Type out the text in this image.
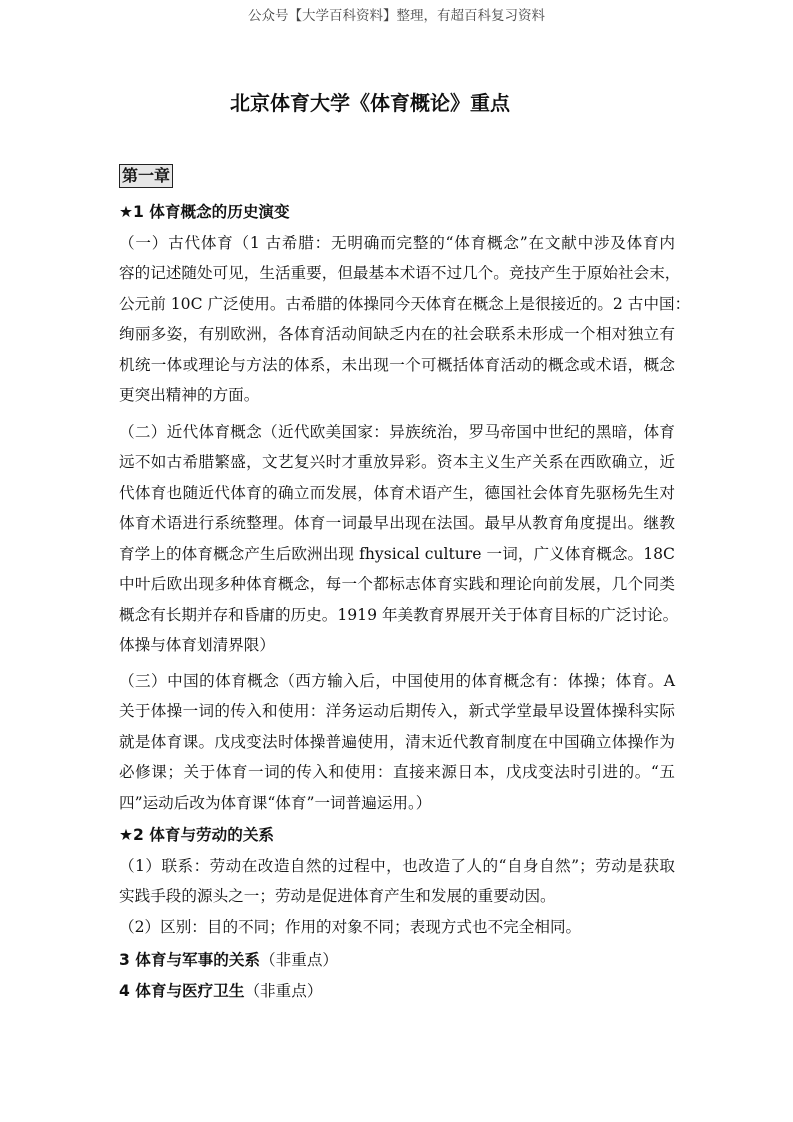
公众号【大学百科资料】整理，有超百科复习资料
北京体育大学《体育概论》重点
第一章
★1 体育概念的历史演变
（一）古代体育（1 古希腊：无明确而完整的“体育概念”在文献中涉及体育内
容的记述随处可见，生活重要，但最基本术语不过几个。竞技产生于原始社会末，
公元前 10C 广泛使用。古希腊的体操同今天体育在概念上是很接近的。2 古中国：
绚丽多姿，有别欧洲，各体育活动间缺乏内在的社会联系未形成一个相对独立有
机统一体或理论与方法的体系，未出现一个可概括体育活动的概念或术语，概念
更突出精神的方面。
（二）近代体育概念（近代欧美国家：异族统治，罗马帝国中世纪的黑暗，体育
远不如古希腊繁盛，文艺复兴时才重放异彩。资本主义生产关系在西欧确立，近
代体育也随近代体育的确立而发展，体育术语产生，德国社会体育先驱杨先生对
体育术语进行系统整理。体育一词最早出现在法国。最早从教育角度提出。继教
育学上的体育概念产生后欧洲出现 fhysical culture 一词，广义体育概念。18C
中叶后欧出现多种体育概念，每一个都标志体育实践和理论向前发展，几个同类
概念有长期并存和昏庸的历史。1919 年美教育界展开关于体育目标的广泛讨论。
体操与体育划清界限）
（三）中国的体育概念（西方输入后，中国使用的体育概念有：体操；体育。A
关于体操一词的传入和使用：洋务运动后期传入，新式学堂最早设置体操科实际
就是体育课。戊戌变法时体操普遍使用，清末近代教育制度在中国确立体操作为
必修课；关于体育一词的传入和使用：直接来源日本，戊戌变法时引进的。“五
四”运动后改为体育课“体育”一词普遍运用。）
★2 体育与劳动的关系
（1）联系：劳动在改造自然的过程中，也改造了人的“自身自然”；劳动是获取
实践手段的源头之一；劳动是促进体育产生和发展的重要动因。
（2）区别：目的不同；作用的对象不同；表现方式也不完全相同。
3 体育与军事的关系（非重点）
4 体育与医疗卫生（非重点）
